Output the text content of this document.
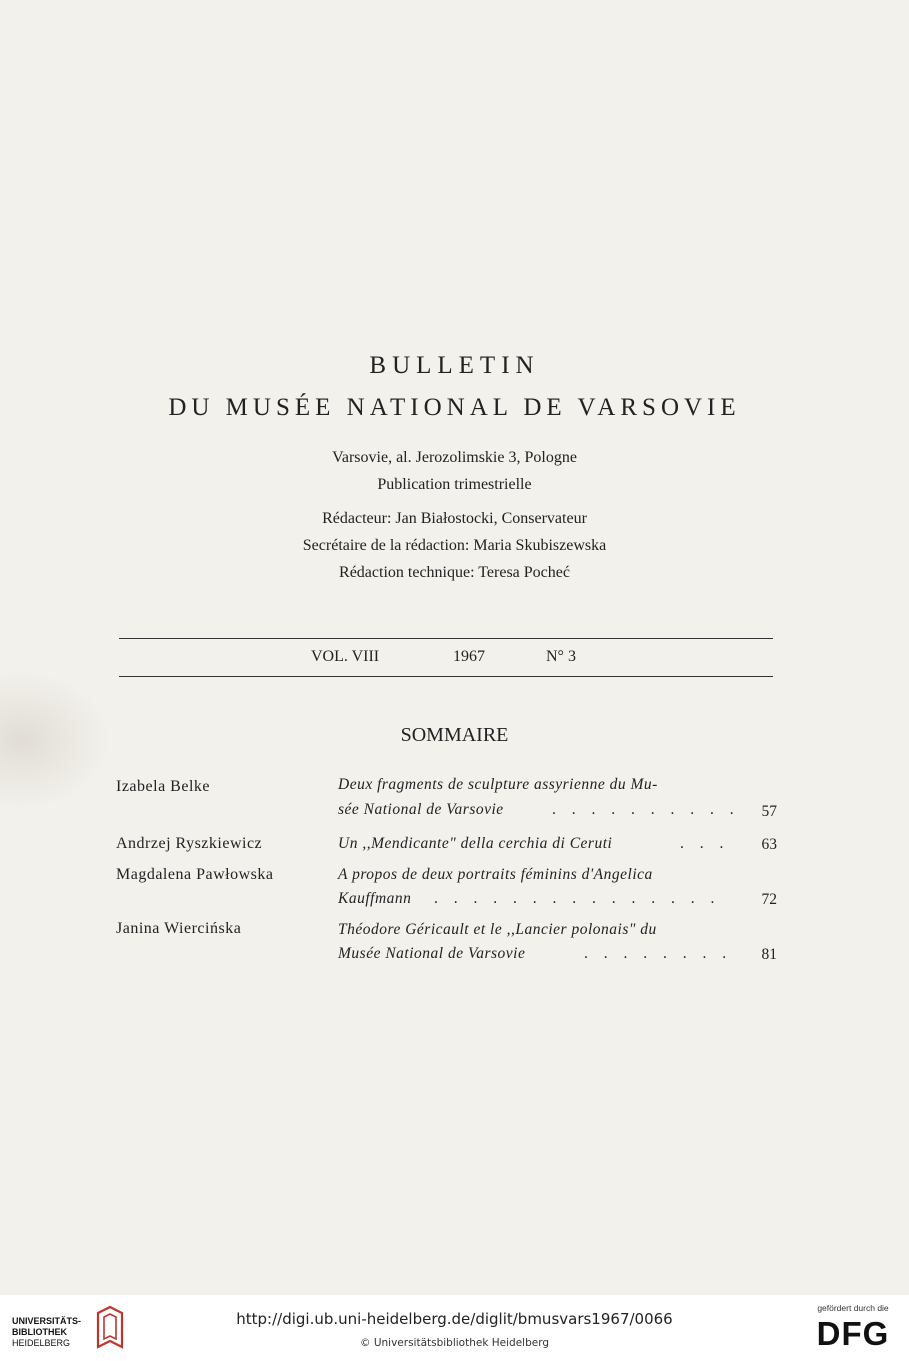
BULLETIN
DU MUSÉE NATIONAL DE VARSOVIE
Varsovie, al. Jerozolimskie 3, Pologne
Publication trimestrielle
Rédacteur: Jan Białostocki, Conservateur
Secrétaire de la rédaction: Maria Skubiszewska
Rédaction technique: Teresa Pocheć
VOL. VIII	1967	N° 3
SOMMAIRE
Izabela Belke	Deux fragments de sculpture assyrienne du Mu-
sée National de Varsovie	. . . . . . . . . .	57
Andrzej Ryszkiewicz	Un ,,Mendicante" della cerchia di Ceruti	. . .	63
Magdalena Pawłowska	A propos de deux portraits féminins d'Angelica
Kauffmann . . . . . . . . . . . . . . .	72
Janina Wiercińska	Théodore Géricault et le ,,Lancier polonais" du
Musée National de Varsovie	. . . . . . . .	81
UNIVERSITÄTS-
BIBLIOTHEK
HEIDELBERG
http://digi.ub.uni-heidelberg.de/diglit/bmusvars1967/0066
© Universitätsbibliothek Heidelberg
gefördert durch die
DFG
